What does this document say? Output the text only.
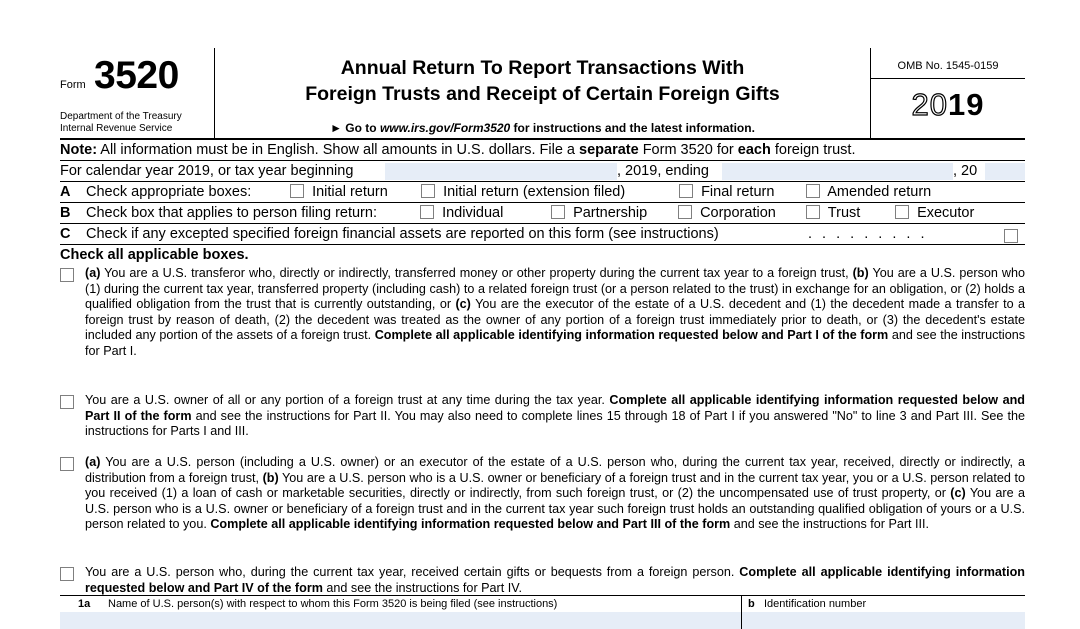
Form 3520
Department of the Treasury
Internal Revenue Service
Annual Return To Report Transactions With
Foreign Trusts and Receipt of Certain Foreign Gifts
► Go to www.irs.gov/Form3520 for instructions and the latest information.
OMB No. 1545-0159
2019
Note: All information must be in English. Show all amounts in U.S. dollars. File a separate Form 3520 for each foreign trust.
For calendar year 2019, or tax year beginning	, 2019, ending	, 20
A Check appropriate boxes:	Initial return	Initial return (extension filed)	Final return	Amended return
B Check box that applies to person filing return:	Individual	Partnership	Corporation	Trust	Executor
C Check if any excepted specified foreign financial assets are reported on this form (see instructions)	. . . . . . . . .
Check all applicable boxes.
(a) You are a U.S. transferor who, directly or indirectly, transferred money or other property during the current tax year to a foreign trust, (b) You are a U.S. person who (1) during the current tax year, transferred property (including cash) to a related foreign trust (or a person related to the trust) in exchange for an obligation, or (2) holds a qualified obligation from the trust that is currently outstanding, or (c) You are the executor of the estate of a U.S. decedent and (1) the decedent made a transfer to a foreign trust by reason of death, (2) the decedent was treated as the owner of any portion of a foreign trust immediately prior to death, or (3) the decedent's estate included any portion of the assets of a foreign trust. Complete all applicable identifying information requested below and Part I of the form and see the instructions for Part I.
You are a U.S. owner of all or any portion of a foreign trust at any time during the tax year. Complete all applicable identifying information requested below and Part II of the form and see the instructions for Part II. You may also need to complete lines 15 through 18 of Part I if you answered "No" to line 3 and Part III. See the instructions for Parts I and III.
(a) You are a U.S. person (including a U.S. owner) or an executor of the estate of a U.S. person who, during the current tax year, received, directly or indirectly, a distribution from a foreign trust, (b) You are a U.S. person who is a U.S. owner or beneficiary of a foreign trust and in the current tax year, you or a U.S. person related to you received (1) a loan of cash or marketable securities, directly or indirectly, from such foreign trust, or (2) the uncompensated use of trust property, or (c) You are a U.S. person who is a U.S. owner or beneficiary of a foreign trust and in the current tax year such foreign trust holds an outstanding qualified obligation of yours or a U.S. person related to you. Complete all applicable identifying information requested below and Part III of the form and see the instructions for Part III.
You are a U.S. person who, during the current tax year, received certain gifts or bequests from a foreign person. Complete all applicable identifying information requested below and Part IV of the form and see the instructions for Part IV.
1a Name of U.S. person(s) with respect to whom this Form 3520 is being filed (see instructions)	b Identification number
